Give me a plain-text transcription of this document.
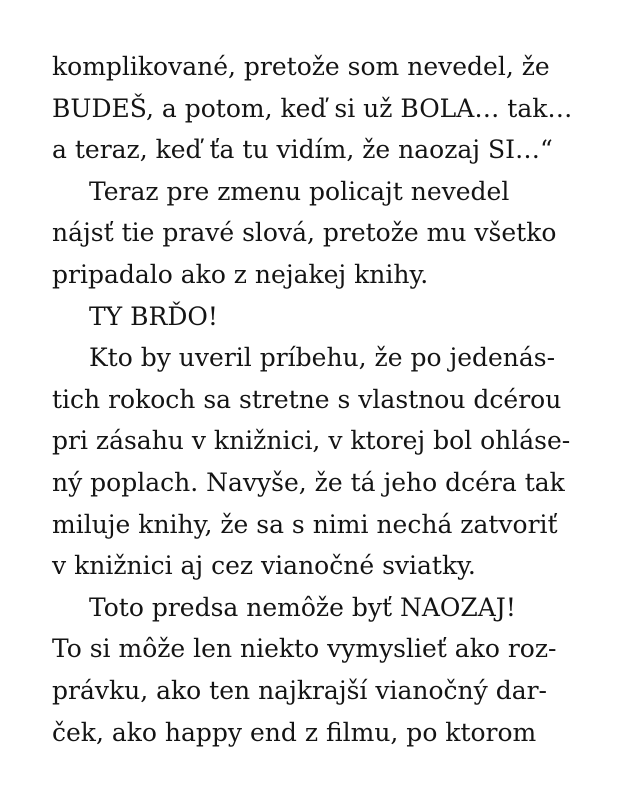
komplikované, pretože som nevedel, že
BUDEŠ, a potom, keď si už BOLA… tak…
a teraz, keď ťa tu vidím, že naozaj SI…“
Teraz pre zmenu policajt nevedel
nájsť tie pravé slová, pretože mu všetko
pripadalo ako z nejakej knihy.
TY BRĎO!
Kto by uveril príbehu, že po jedenás-
tich rokoch sa stretne s vlastnou dcérou
pri zásahu v knižnici, v ktorej bol ohláse-
ný poplach. Navyše, že tá jeho dcéra tak
miluje knihy, že sa s nimi nechá zatvoriť
v knižnici aj cez vianočné sviatky.
Toto predsa nemôže byť NAOZAJ!
To si môže len niekto vymyslieť ako roz-
právku, ako ten najkrajší vianočný dar-
ček, ako happy end z filmu, po ktorom
